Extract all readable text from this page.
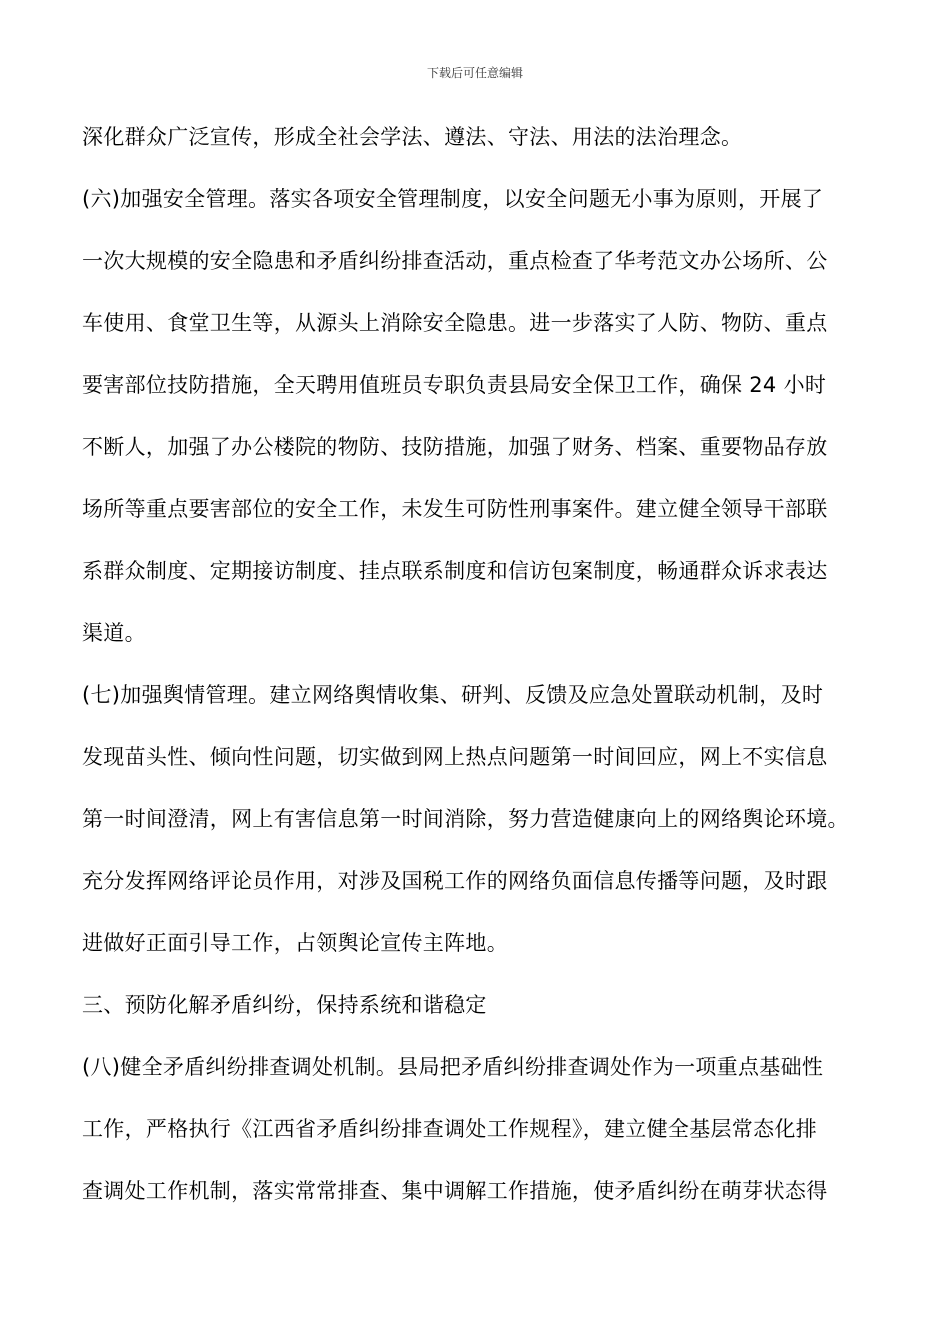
下载后可任意编辑
深化群众广泛宣传，形成全社会学法、遵法、守法、用法的法治理念。
(六)加强安全管理。落实各项安全管理制度，以安全问题无小事为原则，开展了
一次大规模的安全隐患和矛盾纠纷排查活动，重点检查了华考范文办公场所、公
车使用、食堂卫生等，从源头上消除安全隐患。进一步落实了人防、物防、重点
要害部位技防措施，全天聘用值班员专职负责县局安全保卫工作，确保 24 小时
不断人，加强了办公楼院的物防、技防措施，加强了财务、档案、重要物品存放
场所等重点要害部位的安全工作，未发生可防性刑事案件。建立健全领导干部联
系群众制度、定期接访制度、挂点联系制度和信访包案制度，畅通群众诉求表达
渠道。
(七)加强舆情管理。建立网络舆情收集、研判、反馈及应急处置联动机制，及时
发现苗头性、倾向性问题，切实做到网上热点问题第一时间回应，网上不实信息
第一时间澄清，网上有害信息第一时间消除，努力营造健康向上的网络舆论环境。
充分发挥网络评论员作用，对涉及国税工作的网络负面信息传播等问题，及时跟
进做好正面引导工作，占领舆论宣传主阵地。
三、预防化解矛盾纠纷，保持系统和谐稳定
(八)健全矛盾纠纷排查调处机制。县局把矛盾纠纷排查调处作为一项重点基础性
工作，严格执行《江西省矛盾纠纷排查调处工作规程》，建立健全基层常态化排
查调处工作机制，落实常常排查、集中调解工作措施，使矛盾纠纷在萌芽状态得
